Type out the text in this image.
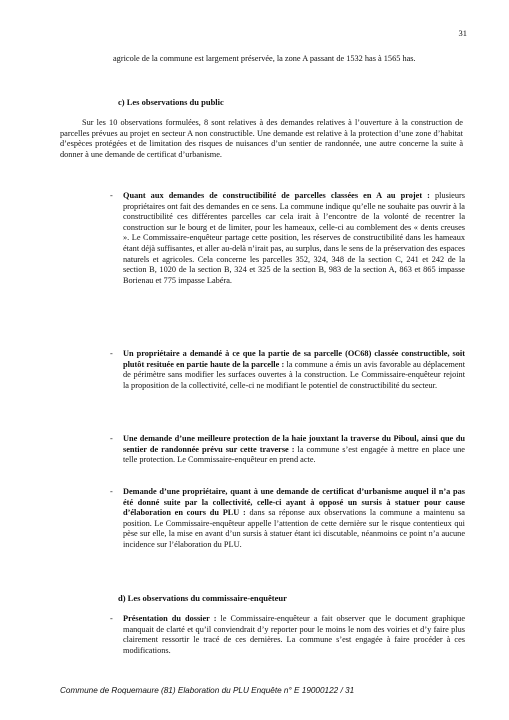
31

agricole de la commune est largement préservée, la zone A passant de 1532 has à 1565 has.

c) Les observations du public

Sur les 10 observations formulées, 8 sont relatives à des demandes relatives à l’ouverture à la construction de parcelles prévues au projet en secteur A non constructible. Une demande est relative à la protection d’une zone d’habitat d’espèces protégées et de limitation des risques de nuisances d’un sentier de randonnée, une autre concerne la suite à donner à une demande de certificat d’urbanisme.

-	Quant aux demandes de constructibilité de parcelles classées en A au projet : plusieurs propriétaires ont fait des demandes en ce sens. La commune indique qu’elle ne souhaite pas ouvrir à la constructibilité ces différentes parcelles car cela irait à l’encontre de la volonté de recentrer la construction sur le bourg et de limiter, pour les hameaux, celle-ci au comblement des « dents creuses ». Le Commissaire-enquêteur partage cette position, les réserves de constructibilité dans les hameaux étant déjà suffisantes, et aller au-delà n’irait pas, au surplus, dans le sens de la préservation des espaces naturels et agricoles. Cela concerne les parcelles 352, 324, 348 de la section C, 241 et 242 de la section B, 1020 de la section B, 324 et 325 de la section B, 983 de la section A, 863 et 865 impasse Borienau et 775 impasse Labéra.

-	Un propriétaire a demandé à ce que la partie de sa parcelle (OC68) classée constructible, soit plutôt resituée en partie haute de la parcelle : la commune a émis un avis favorable au déplacement de périmètre sans modifier les surfaces ouvertes à la construction. Le Commissaire-enquêteur rejoint la proposition de la collectivité, celle-ci ne modifiant le potentiel de constructibilité du secteur.

-	Une demande d’une meilleure protection de la haie jouxtant la traverse du Piboul, ainsi que du sentier de randonnée prévu sur cette traverse : la commune s’est engagée à mettre en place une telle protection. Le Commissaire-enquêteur en prend acte.

-	Demande d’une propriétaire, quant à une demande de certificat d’urbanisme auquel il n’a pas été donné suite par la collectivité, celle-ci ayant à opposé un sursis à statuer pour cause d’élaboration en cours du PLU : dans sa réponse aux observations la commune a maintenu sa position. Le Commissaire-enquêteur appelle l’attention de cette dernière sur le risque contentieux qui pèse sur elle, la mise en avant d’un sursis à statuer étant ici discutable, néanmoins ce point n’a aucune incidence sur l’élaboration du PLU.

d) Les observations du commissaire-enquêteur

-	Présentation du dossier : le Commissaire-enquêteur a fait observer que le document graphique manquait de clarté et qu’il conviendrait d’y reporter pour le moins le nom des voiries et d’y faire plus clairement ressortir le tracé de ces dernières. La commune s’est engagée à faire procéder à ces modifications.

Commune de Roquemaure (81) Elaboration du PLU Enquête n° E 19000122 / 31
